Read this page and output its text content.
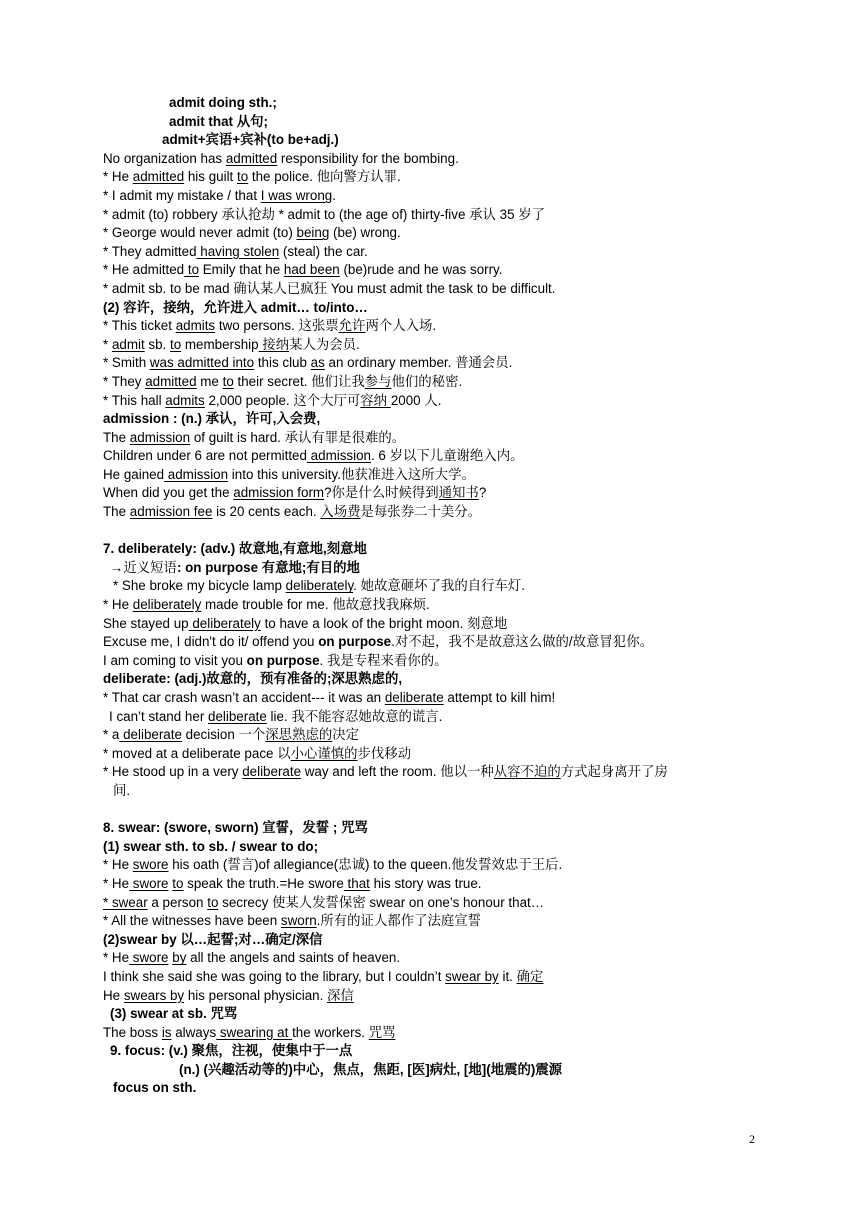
admit doing sth.;
admit that 从句;
admit+宾语+宾补(to be+adj.)
No organization has admitted responsibility for the bombing.
* He admitted his guilt to the police. 他向警方认罪.
* I admit my mistake / that I was wrong.
* admit (to) robbery 承认抢劫 * admit to (the age of) thirty-five 承认 35 岁了
* George would never admit (to) being (be) wrong.
* They admitted having stolen (steal) the car.
* He admitted to Emily that he had been (be)rude and he was sorry.
* admit sb. to be mad 确认某人已疯狂 You must admit the task to be difficult.
(2) 容许，接纳，允许进入 admit… to/into…
* This ticket admits two persons. 这张票允许两个人入场.
* admit sb. to membership 接纳某人为会员.
* Smith was admitted into this club as an ordinary member. 普通会员.
* They admitted me to their secret. 他们让我参与他们的秘密.
* This hall admits 2,000 people. 这个大厅可容纳 2000 人.
admission : (n.) 承认，许可,入会费,
The admission of guilt is hard. 承认有罪是很难的。
Children under 6 are not permitted admission. 6 岁以下儿童谢绝入内。
He gained admission into this university.他获准进入这所大学。
When did you get the admission form?你是什么时候得到通知书?
The admission fee is 20 cents each. 入场费是每张券二十美分。
7. deliberately: (adv.) 故意地,有意地,刻意地
→近义短语: on purpose 有意地;有目的地
* She broke my bicycle lamp deliberately. 她故意砸坏了我的自行车灯.
* He deliberately made trouble for me. 他故意找我麻烦.
She stayed up deliberately to have a look of the bright moon. 刻意地
Excuse me, I didn't do it/ offend you on purpose.对不起，我不是故意这么做的/故意冒犯你。
I am coming to visit you on purpose. 我是专程来看你的。
deliberate: (adj.)故意的，预有准备的;深思熟虑的,
* That car crash wasn’t an accident--- it was an deliberate attempt to kill him!
I can’t stand her deliberate lie. 我不能容忍她故意的谎言.
* a deliberate decision 一个深思熟虑的决定
* moved at a deliberate pace 以小心谨慎的步伐移动
* He stood up in a very deliberate way and left the room. 他以一种从容不迫的方式起身离开了房
间.
8. swear: (swore, sworn) 宣誓，发誓 ; 咒骂
(1) swear sth. to sb. / swear to do;
* He swore his oath (誓言)of allegiance(忠诚) to the queen.他发誓效忠于王后.
* He swore to speak the truth.=He swore that his story was true.
* swear a person to secrecy 使某人发誓保密 swear on one’s honour that…
* All the witnesses have been sworn.所有的证人都作了法庭宣誓
(2)swear by 以…起誓;对…确定/深信
* He swore by all the angels and saints of heaven.
I think she said she was going to the library, but I couldn’t swear by it. 确定
He swears by his personal physician. 深信
(3) swear at sb. 咒骂
The boss is always swearing at the workers. 咒骂
9. focus: (v.) 聚焦，注视，使集中于一点
(n.) (兴趣活动等的)中心，焦点，焦距, [医]病灶, [地](地震的)震源
focus on sth.
2
